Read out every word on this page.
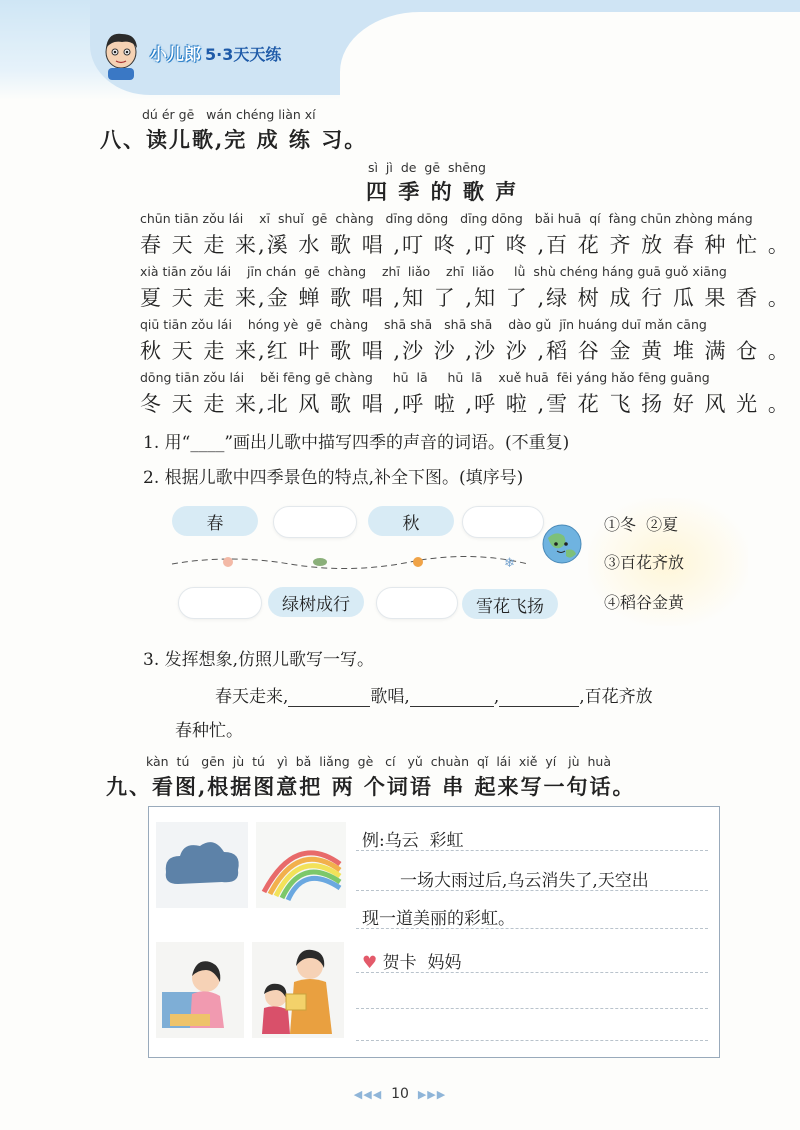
小儿郎 5·3天天练
dú ér gē   wán chéng liàn xí
八、读儿歌,完 成 练 习。
sì  jì  de  gē  shēng
四 季 的 歌 声
chūn tiān zǒu lái    xī  shuǐ  gē  chàng   dīng dōng   dīng dōng   bǎi huā  qí  fàng chūn zhòng máng
春 天 走 来,溪 水 歌 唱 ,叮 咚 ,叮 咚 ,百 花 齐 放 春 种 忙 。
xià tiān zǒu lái    jīn chán  gē  chàng    zhī  liǎo    zhī  liǎo     lǜ  shù chéng háng guā guǒ xiāng
夏 天 走 来,金 蝉 歌 唱 ,知 了 ,知 了 ,绿 树 成 行 瓜 果 香 。
qiū tiān zǒu lái    hóng yè  gē  chàng    shā shā   shā shā    dào gǔ  jīn huáng duī mǎn cāng
秋 天 走 来,红 叶 歌 唱 ,沙 沙 ,沙 沙 ,稻 谷 金 黄 堆 满 仓 。
dōng tiān zǒu lái    běi fēng gē chàng     hū  lā     hū  lā    xuě huā  fēi yáng hǎo fēng guāng
冬 天 走 来,北 风 歌 唱 ,呼 啦 ,呼 啦 ,雪 花 飞 扬 好 风 光 。
1. 用“____”画出儿歌中描写四季的声音的词语。(不重复)
2. 根据儿歌中四季景色的特点,补全下图。(填序号)
❄
春	秋
绿树成行	雪花飞扬
①冬  ②夏
③百花齐放
④稻谷金黄
3. 发挥想象,仿照儿歌写一写。
春天走来,	歌唱,	,	,百花齐放
春种忙。
kàn  tú   gēn  jù  tú   yì  bǎ  liǎng  gè   cí   yǔ  chuàn  qǐ  lái  xiě  yí   jù  huà
九、看图,根据图意把 两 个词语 串 起来写一句话。
例:乌云  彩虹
一场大雨过后,乌云消失了,天空出
现一道美丽的彩虹。
♥ 贺卡  妈妈
◀◀◀ 10 ▶▶▶
